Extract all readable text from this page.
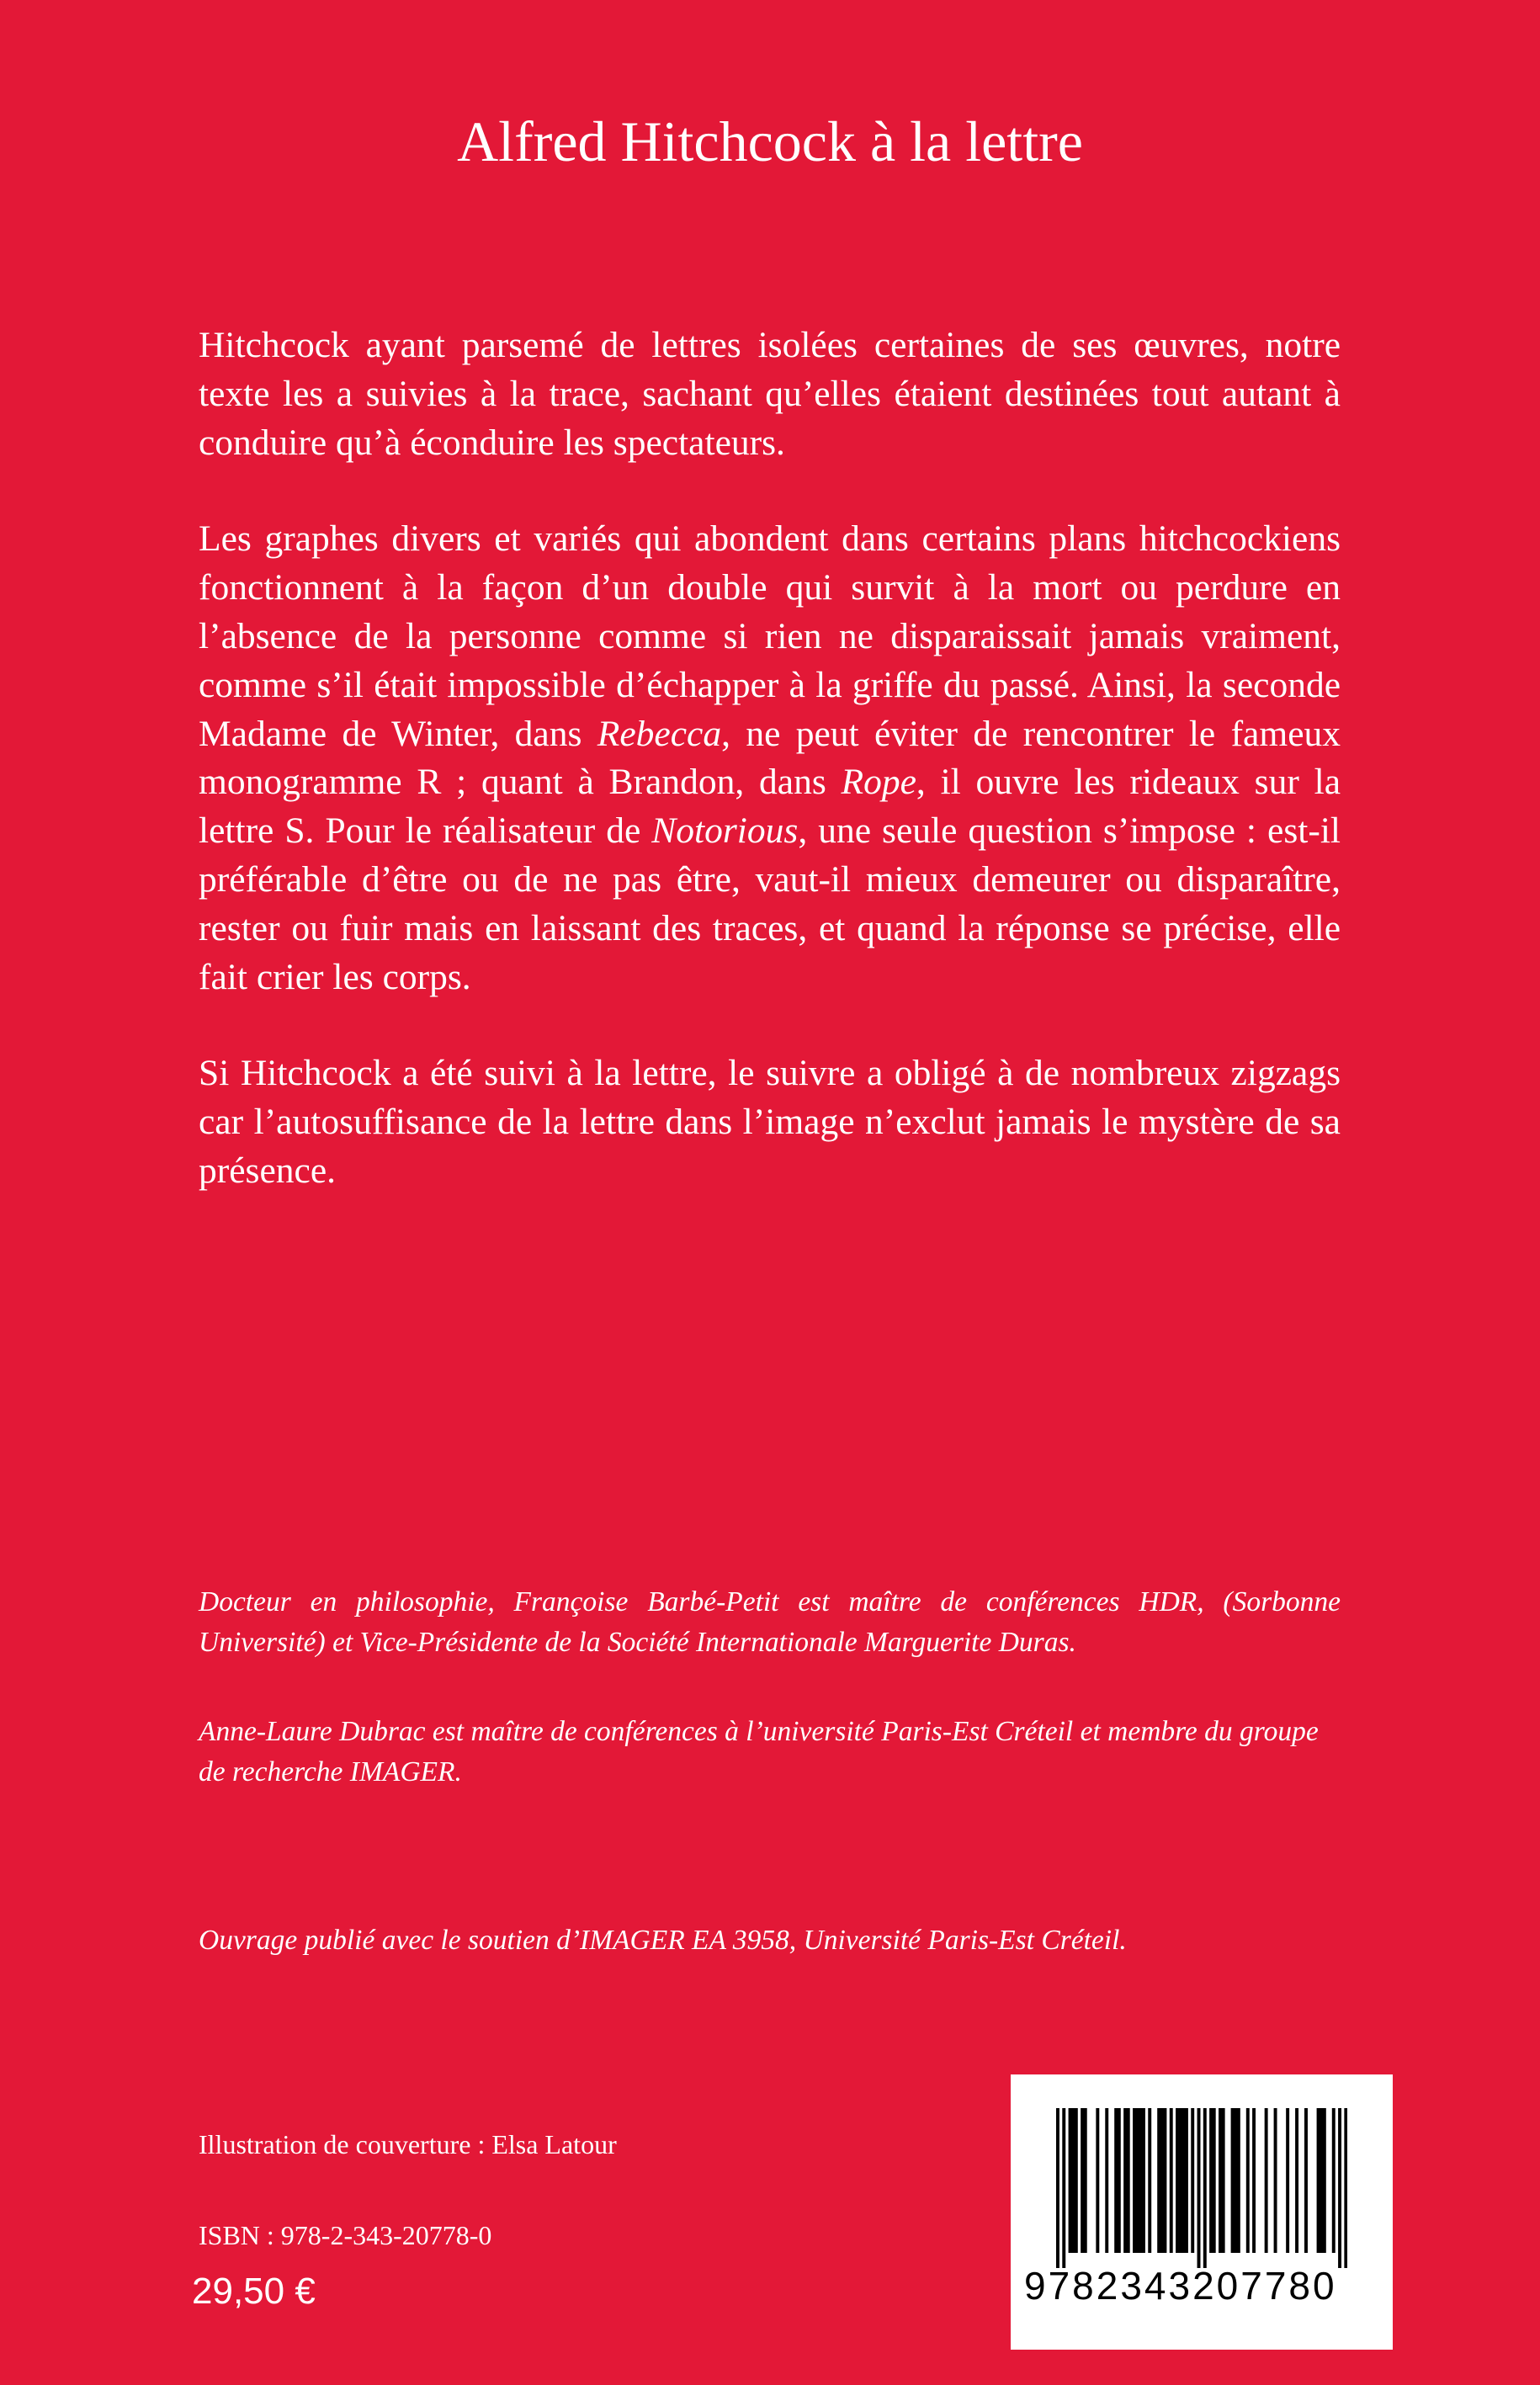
Alfred Hitchcock à la lettre

Hitchcock ayant parsemé de lettres isolées certaines de ses œuvres, notre texte les a suivies à la trace, sachant qu’elles étaient destinées tout autant à conduire qu’à éconduire les spectateurs.

Les graphes divers et variés qui abondent dans certains plans hitchcockiens fonctionnent à la façon d’un double qui survit à la mort ou perdure en l’absence de la personne comme si rien ne disparaissait jamais vraiment, comme s’il était impossible d’échapper à la griffe du passé. Ainsi, la seconde Madame de Winter, dans Rebecca, ne peut éviter de rencontrer le fameux monogramme R ; quant à Brandon, dans Rope, il ouvre les rideaux sur la lettre S. Pour le réalisateur de Notorious, une seule question s’impose : est-il préférable d’être ou de ne pas être, vaut-il mieux demeurer ou disparaître, rester ou fuir mais en laissant des traces, et quand la réponse se précise, elle fait crier les corps.

Si Hitchcock a été suivi à la lettre, le suivre a obligé à de nombreux zigzags car l’autosuffisance de la lettre dans l’image n’exclut jamais le mystère de sa présence.

Docteur en philosophie, Françoise Barbé-Petit est maître de conférences HDR, (Sorbonne Université) et Vice-Présidente de la Société Internationale Marguerite Duras.

Anne-Laure Dubrac est maître de conférences à l’université Paris-Est Créteil et membre du groupe de recherche IMAGER.

Ouvrage publié avec le soutien d’IMAGER EA 3958, Université Paris-Est Créteil.
Illustration de couverture : Elsa Latour
ISBN : 978-2-343-20778-0
29,50 €	9782343207780
